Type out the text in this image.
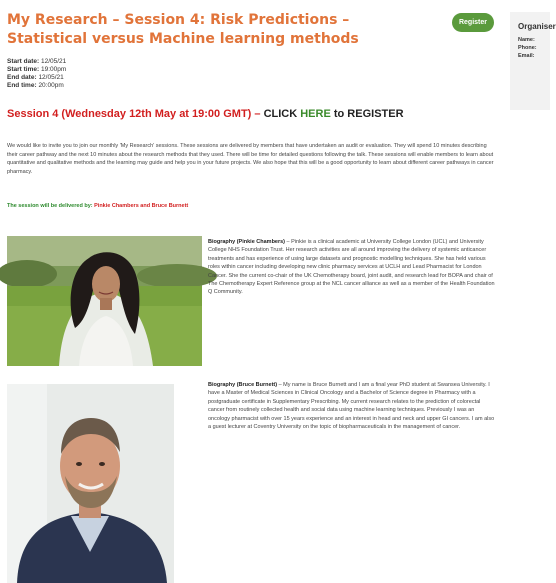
My Research – Session 4: Risk Predictions – Statistical versus Machine learning methods
Register	Organiser
Name:
Phone:
Email:
Start date: 12/05/21
Start time: 19:00pm
End date: 12/05/21
End time: 20:00pm
Session 4 (Wednesday 12th May at 19:00 GMT) – CLICK HERE to REGISTER

We would like to invite you to join our monthly 'My Research' sessions. These sessions are delivered by members that have undertaken an audit or evaluation. They will spend 10 minutes describing their career pathway and the next 10 minutes about the research methods that they used. There will be time for detailed questions following the talk. These sessions will enable members to learn about quantitative and qualitative methods and the learning may guide and help you in your future projects. We also hope that this will be a good opportunity to learn about different career pathways in cancer pharmacy.

The session will be delivered by: Pinkie Chambers and Bruce Burnett

Biography (Pinkie Chambers) – Pinkie is a clinical academic at University College London (UCL) and University College NHS Foundation Trust. Her research activities are all around improving the delivery of systemic anticancer treatments and has experience of using large datasets and prognostic modelling techniques. She has held various roles within cancer including developing new clinic pharmacy services at UCLH and Lead Pharmacist for London Cancer. She the current co-chair of the UK Chemotherapy board, joint audit, and research lead for BOPA and chair of The Chemotherapy Expert Reference group at the NCL cancer alliance as well as a member of the Health Foundation Q Community.

Biography (Bruce Burnett) – My name is Bruce Burnett and I am a final year PhD student at Swansea University. I have a Master of Medical Sciences in Clinical Oncology and a Bachelor of Science degree in Pharmacy with a postgraduate certificate in Supplementary Prescribing. My current research relates to the prediction of colorectal cancer from routinely collected health and social data using machine learning techniques. Previously I was an oncology pharmacist with over 15 years experience and an interest in head and neck and upper GI cancers. I am also a guest lecturer at Coventry University on the topic of biopharmaceuticals in the management of cancer.
